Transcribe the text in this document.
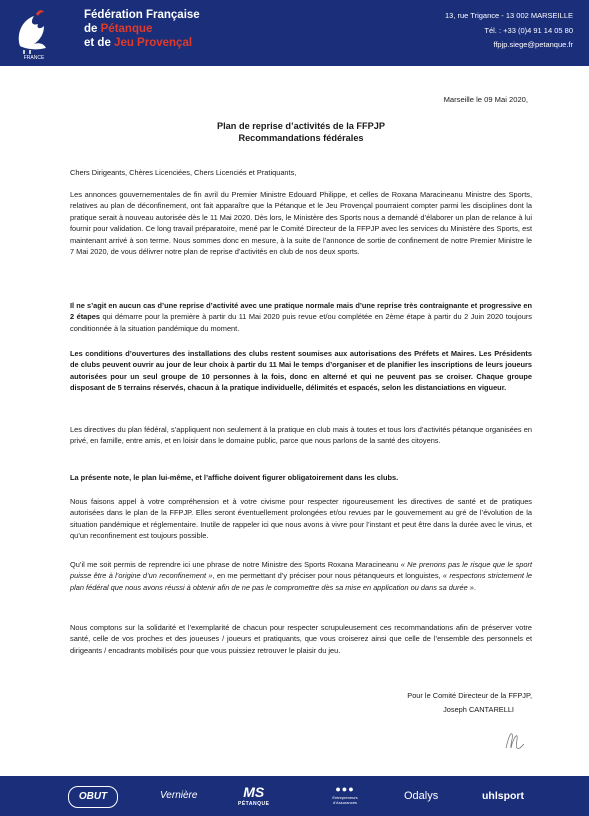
FRANCE
Fédération Française
de Pétanque
et de Jeu Provençal
13, rue Trigance - 13 002 MARSEILLE
Tél. : +33 (0)4 91 14 05 80
ffpjp.siege@petanque.fr
Marseille le 09 Mai 2020,
Plan de reprise d’activités de la FFPJP
Recommandations fédérales

Chers Dirigeants, Chères Licenciées, Chers Licenciés et Pratiquants,

Les annonces gouvernementales de fin avril du Premier Ministre Edouard Philippe, et celles de Roxana Maracineanu Ministre des Sports, relatives au plan de déconfinement, ont fait apparaître que la Pétanque et le Jeu Provençal pourraient compter parmi les disciplines dont la pratique serait à nouveau autorisée dès le 11 Mai 2020. Dès lors, le Ministère des Sports nous a demandé d’élaborer un plan de relance à lui fournir pour validation. Ce long travail préparatoire, mené par le Comité Directeur de la FFPJP avec les services du Ministère des Sports, est maintenant arrivé à son terme. Nous sommes donc en mesure, à la suite de l’annonce de sortie de confinement de notre Premier Ministre le 7 Mai 2020, de vous délivrer notre plan de reprise d’activités en club de nos deux sports.

Il ne s’agit en aucun cas d’une reprise d’activité avec une pratique normale mais d’une reprise très contraignante et progressive en 2 étapes qui démarre pour la première à partir du 11 Mai 2020 puis revue et/ou complétée en 2ème étape à partir du 2 Juin 2020 toujours conditionnée à la situation pandémique du moment.

Les conditions d’ouvertures des installations des clubs restent soumises aux autorisations des Préfets et Maires. Les Présidents de clubs peuvent ouvrir au jour de leur choix à partir du 11 Mai le temps d’organiser et de planifier les inscriptions de leurs joueurs autorisées pour un seul groupe de 10 personnes à la fois, donc en alterné et qui ne peuvent pas se croiser. Chaque groupe disposant de 5 terrains réservés, chacun à la pratique individuelle, délimités et espacés, selon les distanciations en vigueur.

Les directives du plan fédéral, s’appliquent non seulement à la pratique en club mais à toutes et tous lors d’activités pétanque organisées en privé, en famille, entre amis, et en loisir dans le domaine public, parce que nous parlons de la santé des citoyens.

La présente note, le plan lui-même, et l’affiche doivent figurer obligatoirement dans les clubs.

Nous faisons appel à votre compréhension et à votre civisme pour respecter rigoureusement les directives de santé et de pratiques autorisées dans le plan de la FFPJP. Elles seront éventuellement prolongées et/ou revues par le gouvernement au gré de l’évolution de la situation pandémique et réglementaire. Inutile de rappeler ici que nous avons à vivre pour l’instant et peut être dans la durée avec le virus, et qu’un reconfinement est toujours possible.

Qu’il me soit permis de reprendre ici une phrase de notre Ministre des Sports Roxana Maracineanu « Ne prenons pas le risque que le sport puisse être à l’origine d’un reconfinement », en me permettant d’y préciser pour nous pétanqueurs et longuistes, « respectons strictement le plan fédéral que nous avons réussi à obtenir afin de ne pas le compromettre dès sa mise en application ou dans sa durée ».

Nous comptons sur la solidarité et l’exemplarité de chacun pour respecter scrupuleusement ces recommandations afin de préserver votre santé, celle de vos proches et des joueuses / joueurs et pratiquants, que vous croiserez ainsi que celle de l’ensemble des personnels et dirigeants / encadrants mobilisés pour que vous puissiez retrouver le plaisir du jeu.

Pour le Comité Directeur de la FFPJP,
Joseph CANTARELLI
OBUT	Vernière	MS
PÉTANQUE
●●●
Entrepreneurs d'Assurances
Odalys	uhlsport
